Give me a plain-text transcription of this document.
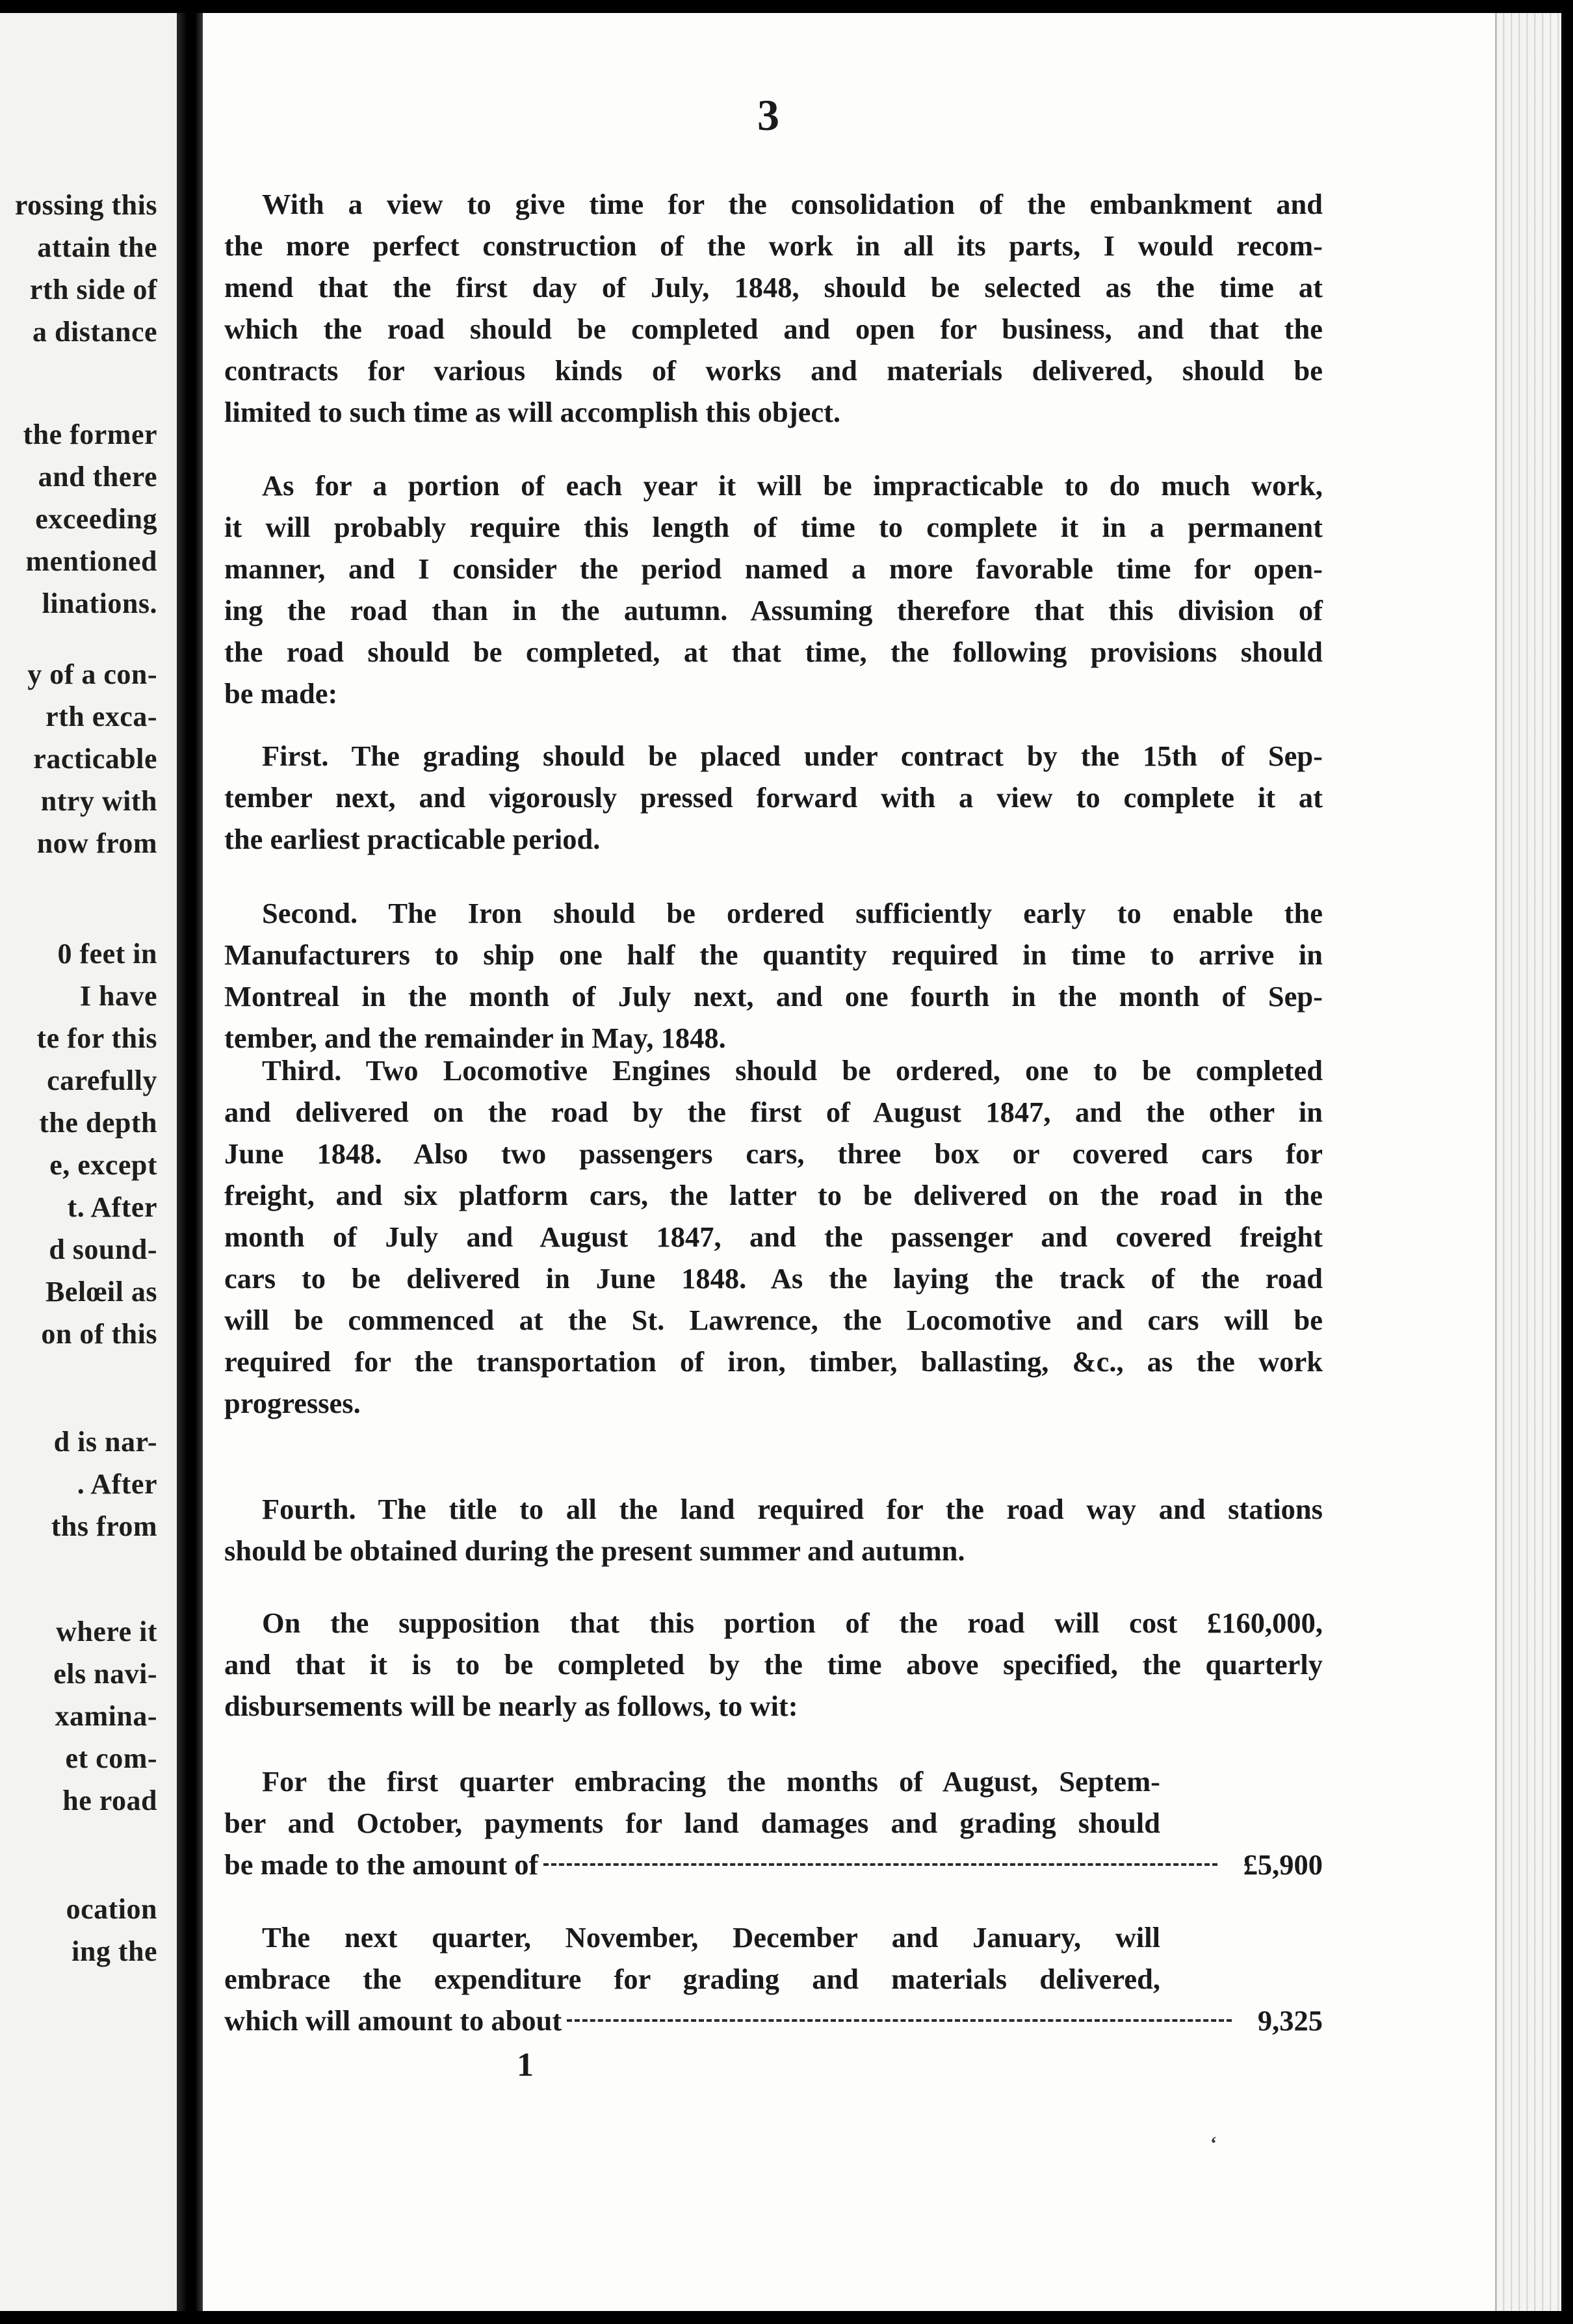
rossing this
attain the
rth side of
a distance
the former
and there
exceeding
mentioned
linations.
y of a con-
rth exca-
racticable
ntry with
now from
0 feet in
I have
te for this
carefully
the depth
e, except
t. After
d sound-
Belœil as
on of this
d is nar-
. After
ths from
where it
els navi-
xamina-
et com-
he road
ocation
ing the
3
With a view to give time for the consolidation of the embankment and
the more perfect construction of the work in all its parts, I would recom-
mend that the first day of July, 1848, should be selected as the time at
which the road should be completed and open for business, and that the
contracts for various kinds of works and materials delivered, should be
limited to such time as will accomplish this object.
As for a portion of each year it will be impracticable to do much work,
it will probably require this length of time to complete it in a permanent
manner, and I consider the period named a more favorable time for open-
ing the road than in the autumn. Assuming therefore that this division of
the road should be completed, at that time, the following provisions should
be made:
First. The grading should be placed under contract by the 15th of Sep-
tember next, and vigorously pressed forward with a view to complete it at
the earliest practicable period.
Second. The Iron should be ordered sufficiently early to enable the
Manufacturers to ship one half the quantity required in time to arrive in
Montreal in the month of July next, and one fourth in the month of Sep-
tember, and the remainder in May, 1848.
Third. Two Locomotive Engines should be ordered, one to be completed
and delivered on the road by the first of August 1847, and the other in
June 1848. Also two passengers cars, three box or covered cars for
freight, and six platform cars, the latter to be delivered on the road in the
month of July and August 1847, and the passenger and covered freight
cars to be delivered in June 1848. As the laying the track of the road
will be commenced at the St. Lawrence, the Locomotive and cars will be
required for the transportation of iron, timber, ballasting, &c., as the work
progresses.
Fourth. The title to all the land required for the road way and stations
should be obtained during the present summer and autumn.
On the supposition that this portion of the road will cost £160,000,
and that it is to be completed by the time above specified, the quarterly
disbursements will be nearly as follows, to wit:
For the first quarter embracing the months of August, Septem-
ber and October, payments for land damages and grading should
be made to the amount of	£5,900
The next quarter, November, December and January, will
embrace the expenditure for grading and materials delivered,
which will amount to about	9,325
1
ʻ
